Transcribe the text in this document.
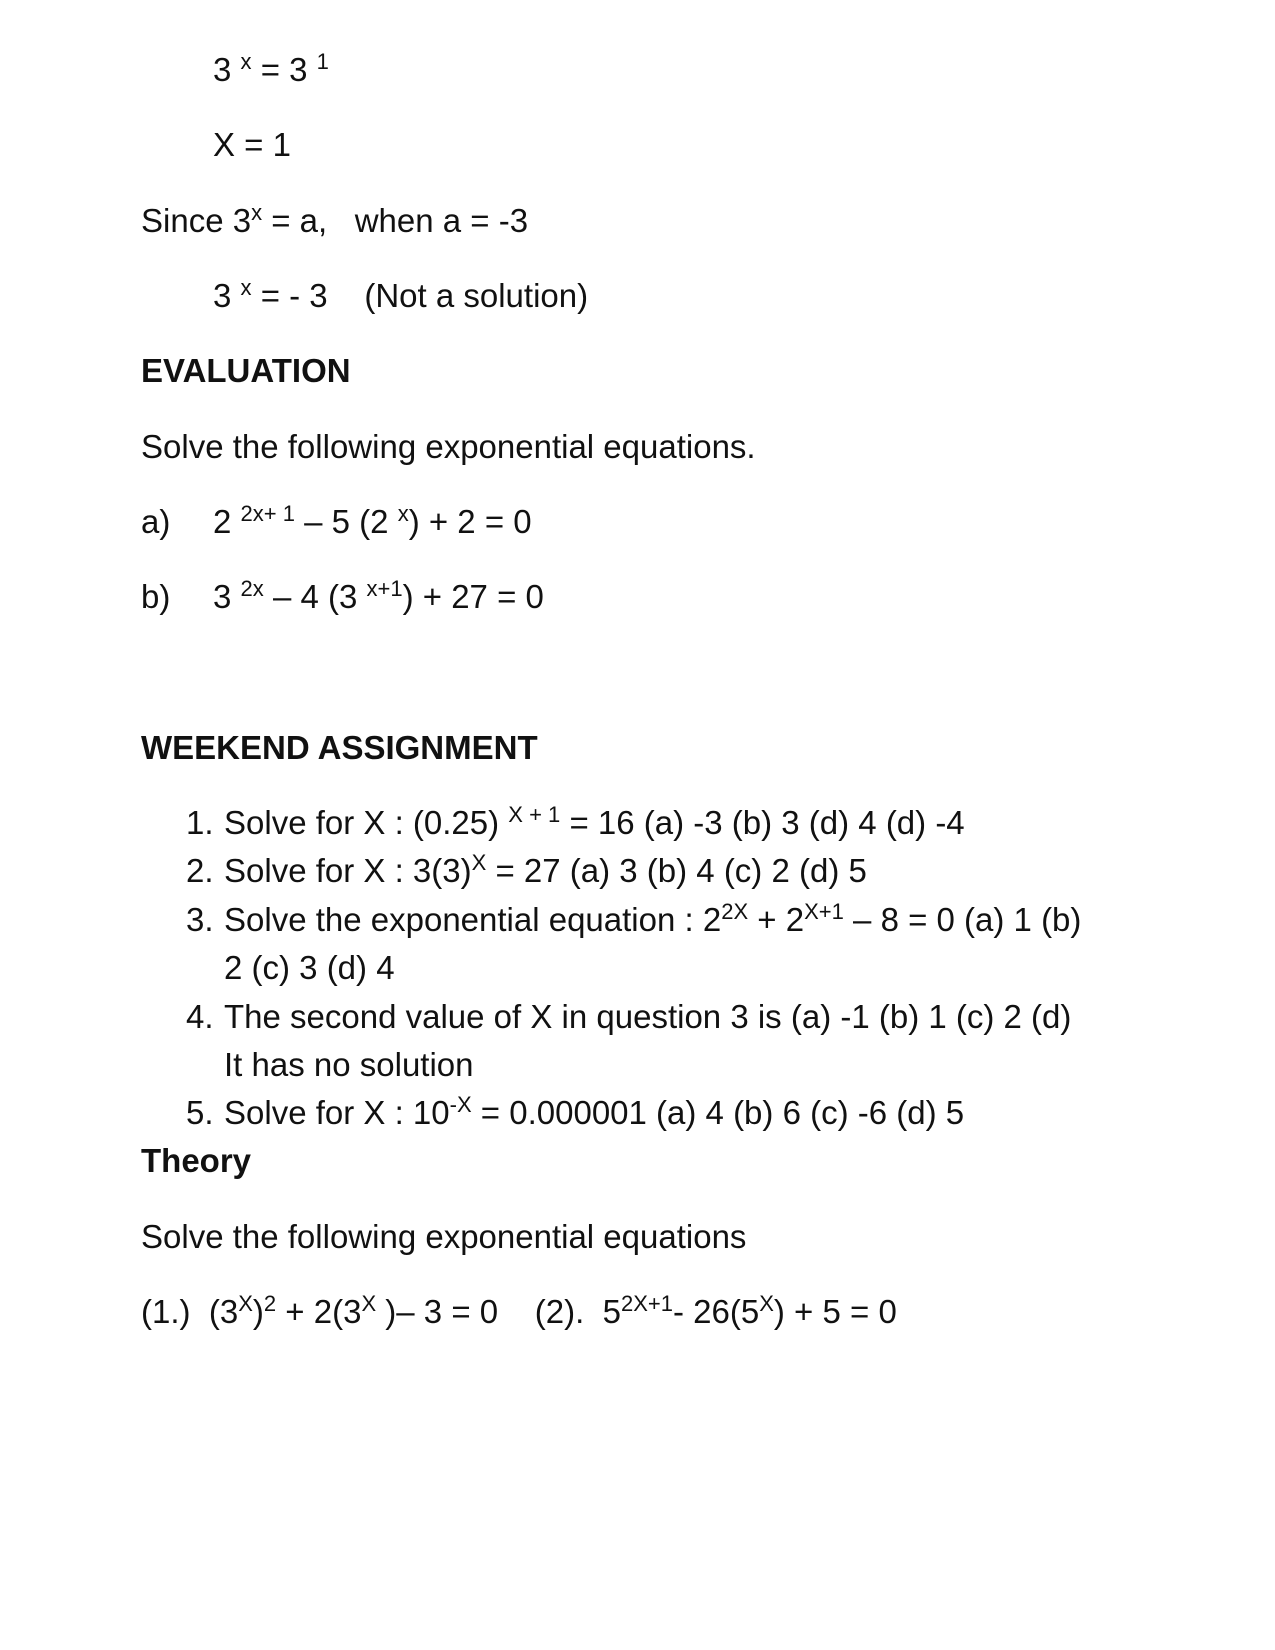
3 $^x$ = 3 $^1$
X = 1
Since $3^x = a$,   when a = -3
3 $^x$ = - 3    (Not a solution)
EVALUATION
Solve the following exponential equations.
a) 2 $^{2x+ 1}$ – 5 (2 $^x$) + 2 = 0
b) 3 $^{2x}$ – 4 (3 $^{x+1}$) + 27 = 0
WEEKEND ASSIGNMENT
1. Solve for X : (0.25) $^{X + 1}$ = 16 (a) -3 (b) 3 (d) 4 (d) -4
2. Solve for X : $3(3)^X = 27$ (a) 3 (b) 4 (c) 2 (d) 5
3. Solve the exponential equation : $2^{2X} + 2^{X+1} - 8 = 0$ (a) 1 (b)
2 (c) 3 (d) 4
4. The second value of X in question 3 is (a) -1 (b) 1 (c) 2 (d)
It has no solution
5. Solve for X : $10^{-X} = 0.000001$ (a) 4 (b) 6 (c) -6 (d) 5
Theory
Solve the following exponential equations
(1.)  $(3^X)^2 + 2(3^X$ )– 3 = 0    (2).  $5^{2X+1}-$ $26(5^X) + 5 = 0$
